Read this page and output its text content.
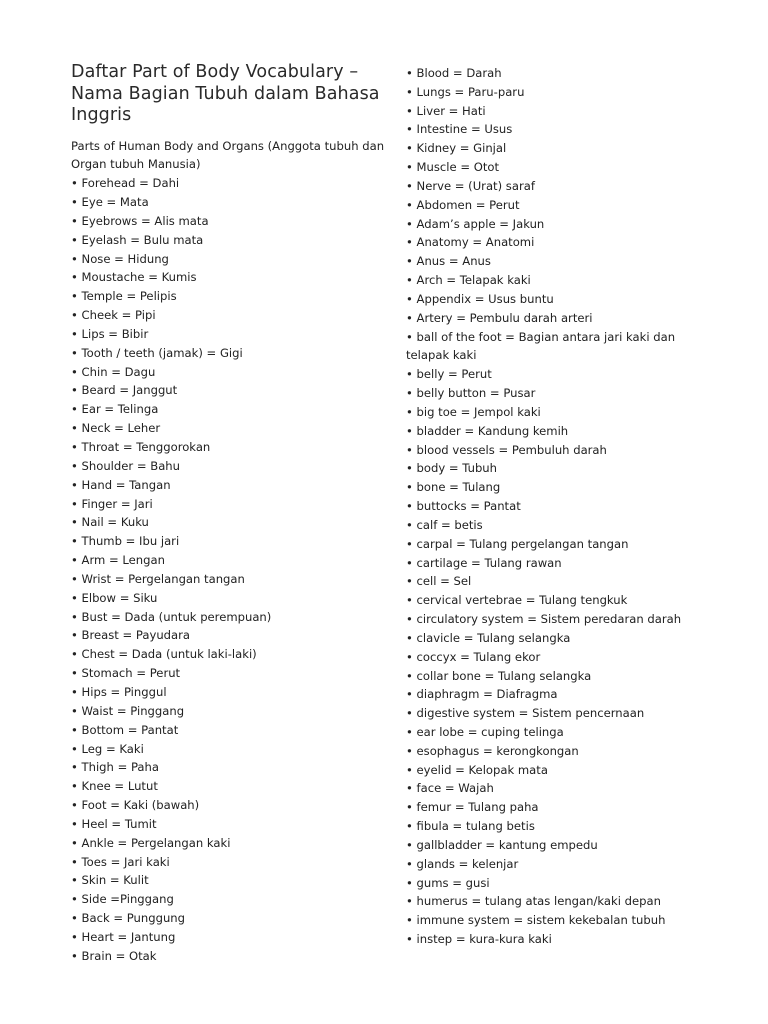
Daftar Part of Body Vocabulary – Nama Bagian Tubuh dalam Bahasa Inggris

Parts of Human Body and Organs (Anggota tubuh dan Organ tubuh Manusia)

• Forehead = Dahi

• Eye = Mata

• Eyebrows = Alis mata

• Eyelash = Bulu mata

• Nose = Hidung

• Moustache = Kumis

• Temple = Pelipis

• Cheek = Pipi

• Lips = Bibir

• Tooth / teeth (jamak) = Gigi

• Chin = Dagu

• Beard = Janggut

• Ear = Telinga

• Neck = Leher

• Throat = Tenggorokan

• Shoulder = Bahu

• Hand = Tangan

• Finger = Jari

• Nail = Kuku

• Thumb = Ibu jari

• Arm = Lengan

• Wrist = Pergelangan tangan

• Elbow = Siku

• Bust = Dada (untuk perempuan)

• Breast = Payudara

• Chest = Dada (untuk laki-laki)

• Stomach = Perut

• Hips = Pinggul

• Waist = Pinggang

• Bottom = Pantat

• Leg = Kaki

• Thigh = Paha

• Knee = Lutut

• Foot = Kaki (bawah)

• Heel = Tumit

• Ankle = Pergelangan kaki

• Toes = Jari kaki

• Skin = Kulit

• Side =Pinggang

• Back = Punggung

• Heart = Jantung

• Brain = Otak

• Blood = Darah

• Lungs = Paru-paru

• Liver = Hati

• Intestine = Usus

• Kidney = Ginjal

• Muscle = Otot

• Nerve = (Urat) saraf

• Abdomen = Perut

• Adam’s apple = Jakun

• Anatomy = Anatomi

• Anus = Anus

• Arch = Telapak kaki

• Appendix = Usus buntu

• Artery = Pembulu darah arteri

• ball of the foot = Bagian antara jari kaki dan telapak kaki

• belly = Perut

• belly button = Pusar

• big toe = Jempol kaki

• bladder = Kandung kemih

• blood vessels = Pembuluh darah

• body = Tubuh

• bone = Tulang

• buttocks = Pantat

• calf = betis

• carpal = Tulang pergelangan tangan

• cartilage = Tulang rawan

• cell = Sel

• cervical vertebrae = Tulang tengkuk

• circulatory system = Sistem peredaran darah

• clavicle = Tulang selangka

• coccyx = Tulang ekor

• collar bone = Tulang selangka

• diaphragm = Diafragma

• digestive system = Sistem pencernaan

• ear lobe = cuping telinga

• esophagus = kerongkongan

• eyelid = Kelopak mata

• face = Wajah

• femur = Tulang paha

• fibula = tulang betis

• gallbladder = kantung empedu

• glands = kelenjar

• gums = gusi

• humerus = tulang atas lengan/kaki depan

• immune system = sistem kekebalan tubuh

• instep = kura-kura kaki
